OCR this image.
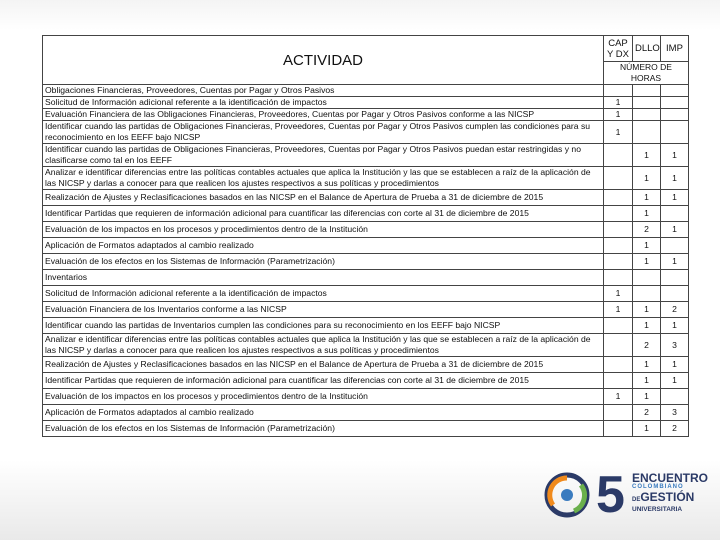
ACTIVIDAD	CAP Y DX	DLLO	IMP
	NÚMERO DE HORAS		
Obligaciones Financieras, Proveedores, Cuentas por Pagar y Otros Pasivos			
Solicitud de Información adicional referente a la identificación de impactos	1		
Evaluación Financiera de las Obligaciones Financieras, Proveedores, Cuentas por Pagar y Otros Pasivos conforme a las NICSP	1		
Identificar cuando las partidas de Obligaciones Financieras, Proveedores, Cuentas por Pagar y Otros Pasivos cumplen las condiciones para su reconocimiento en los EEFF bajo NICSP	1		
Identificar cuando las partidas de Obligaciones Financieras, Proveedores, Cuentas por Pagar y Otros Pasivos puedan estar restringidas y no clasificarse como tal en los EEFF		1	1
Analizar e identificar diferencias entre las políticas contables actuales que aplica la Institución y las que se establecen a raíz de la aplicación de las NICSP y darlas a conocer para que realicen los ajustes respectivos a sus políticas y procedimientos		1	1
Realización de Ajustes y Reclasificaciones basados en las NICSP en el Balance de Apertura de Prueba a 31 de diciembre de 2015		1	1
Identificar Partidas que requieren de información adicional para cuantificar las diferencias con corte al 31 de diciembre de 2015		1	
Evaluación de los impactos en los procesos y procedimientos dentro de la Institución		2	1
Aplicación de Formatos adaptados al cambio realizado		1	
Evaluación de los efectos en los Sistemas de Información (Parametrización)		1	1
Inventarios			
Solicitud de Información adicional referente a la identificación de impactos	1		
Evaluación Financiera de los Inventarios conforme a las NICSP	1	1	2
Identificar cuando las partidas de Inventarios cumplen las condiciones para su reconocimiento en los EEFF bajo NICSP		1	1
Analizar e identificar diferencias entre las políticas contables actuales que aplica la Institución y las que se establecen a raíz de la aplicación de las NICSP y darlas a conocer para que realicen los ajustes respectivos a sus políticas y procedimientos		2	3
Realización de Ajustes y Reclasificaciones basados en las NICSP en el Balance de Apertura de Prueba a 31 de diciembre de 2015		1	1
Identificar Partidas que requieren de información adicional para cuantificar las diferencias con corte al 31 de diciembre de 2015		1	1
Evaluación de los impactos en los procesos y procedimientos dentro de la Institución	1	1	
Aplicación de Formatos adaptados al cambio realizado		2	3
Evaluación de los efectos en los Sistemas de Información (Parametrización)		1	2
5 ENCUENTRO
COLOMBIANO
DEGESTIÓN
UNIVERSITARIA
